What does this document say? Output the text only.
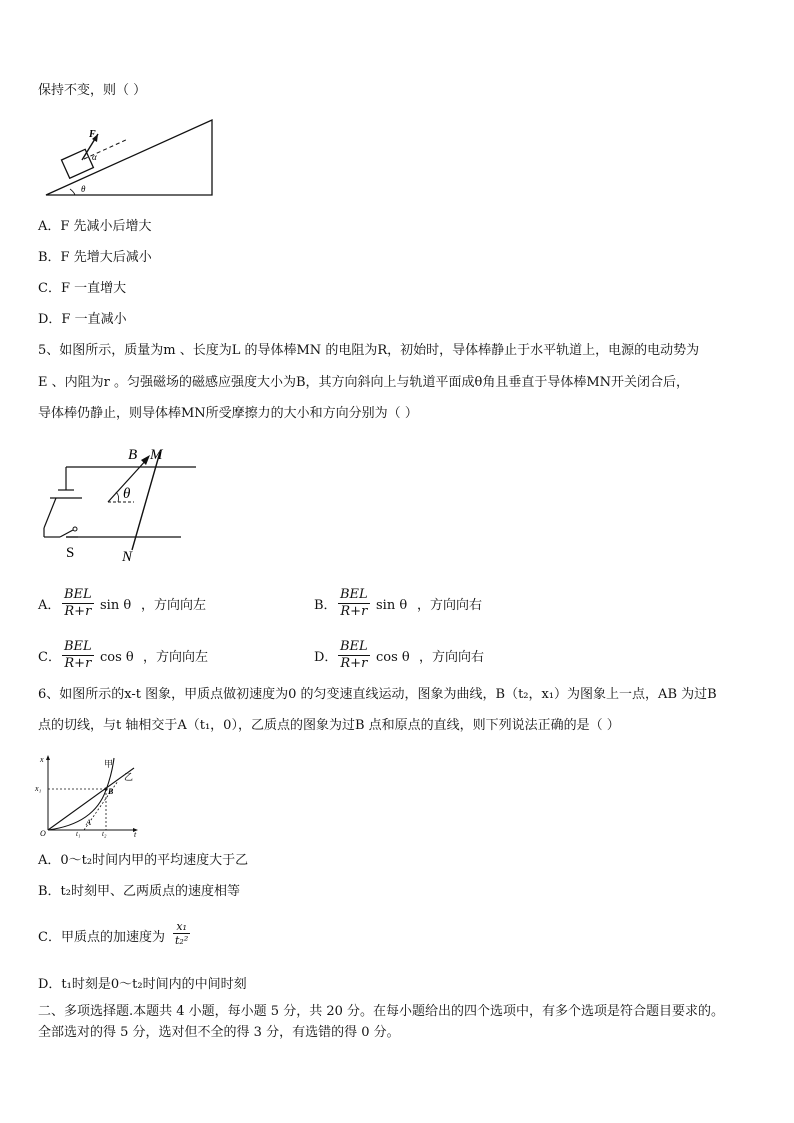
保持不变，则（ ）
F
α
θ
A．F 先减小后增大
B．F 先增大后减小
C．F 一直增大
D．F 一直减小
5、如图所示，质量为m 、长度为L 的导体棒MN 的电阻为R，初始时，导体棒静止于水平轨道上，电源的电动势为
E 、内阻为r 。匀强磁场的磁感应强度大小为B，其方向斜向上与轨道平面成θ角且垂直于导体棒MN开关闭合后，
导体棒仍静止，则导体棒MN所受摩擦力的大小和方向分别为（ ）
B M
θ
S	N
A．
BEL
R+r sin θ ，方向向左	B．
BEL
R+r sin θ ，方向向右
C．
BEL
R+r cos θ ，方向向左	D．
BEL
R+r cos θ ，方向向右
6、如图所示的x-t 图象，甲质点做初速度为0 的匀变速直线运动，图象为曲线，B（t₂，x₁）为图象上一点，AB 为过B
点的切线，与t 轴相交于A（t₁，0），乙质点的图象为过B 点和原点的直线，则下列说法正确的是（ ）
x
x₁
甲
乙
B
A
O	t₁	t₂	t
A．0～t₂时间内甲的平均速度大于乙
B．t₂时刻甲、乙两质点的速度相等
C．甲质点的加速度为 $\frac{\text{x₁}}{\text{t₂²}}$
D．t₁时刻是0～t₂时间内的中间时刻
二、多项选择题.本题共 4 小题，每小题 5 分，共 20 分。在每小题给出的四个选项中，有多个选项是符合题目要求的。
全部选对的得 5 分，选对但不全的得 3 分，有选错的得 0 分。
